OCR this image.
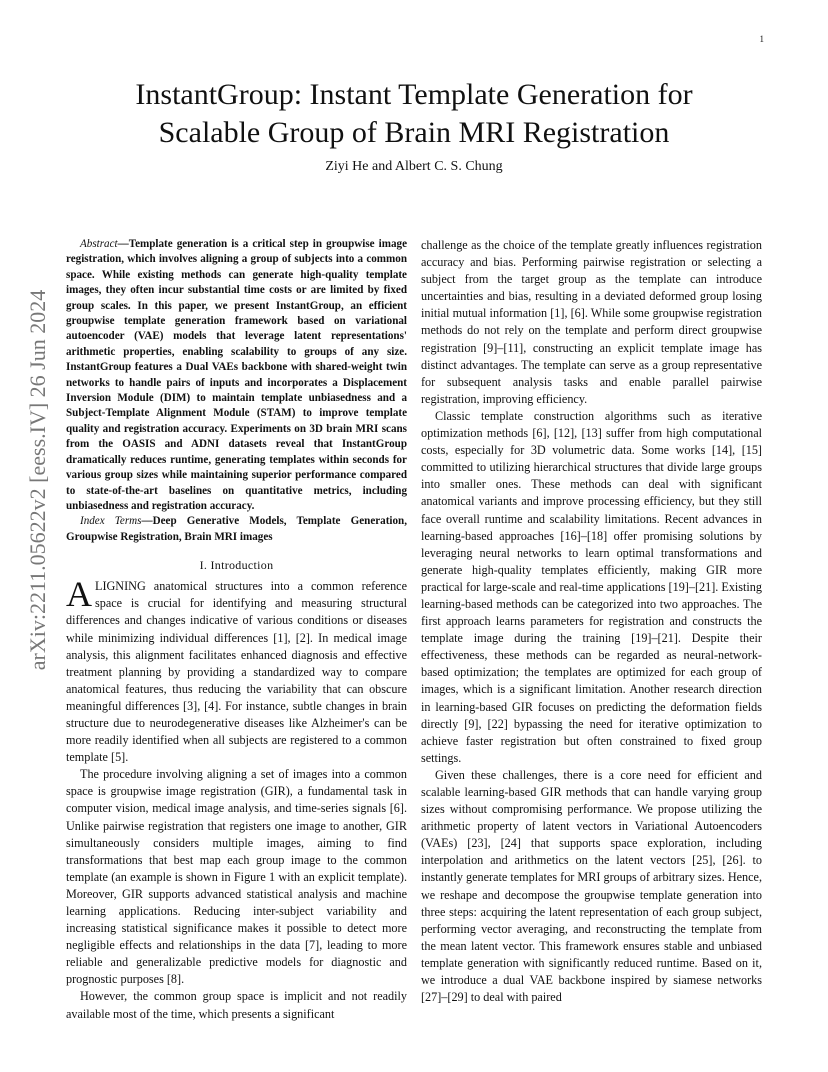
1
arXiv:2211.05622v2 [eess.IV] 26 Jun 2024
InstantGroup: Instant Template Generation for
Scalable Group of Brain MRI Registration
Ziyi He and Albert C. S. Chung

Abstract—Template generation is a critical step in groupwise image registration, which involves aligning a group of subjects into a common space. While existing methods can generate high-quality template images, they often incur substantial time costs or are limited by fixed group scales. In this paper, we present InstantGroup, an efficient groupwise template generation framework based on variational autoencoder (VAE) models that leverage latent representations' arithmetic properties, enabling scalability to groups of any size. InstantGroup features a Dual VAEs backbone with shared-weight twin networks to handle pairs of inputs and incorporates a Displacement Inversion Module (DIM) to maintain template unbiasedness and a Subject-Template Alignment Module (STAM) to improve template quality and registration accuracy. Experiments on 3D brain MRI scans from the OASIS and ADNI datasets reveal that InstantGroup dramatically reduces runtime, generating templates within seconds for various group sizes while maintaining superior performance compared to state-of-the-art baselines on quantitative metrics, including unbiasedness and registration accuracy.

Index Terms—Deep Generative Models, Template Generation, Groupwise Registration, Brain MRI images

I. Introduction

ALIGNING anatomical structures into a common reference space is crucial for identifying and measuring structural differences and changes indicative of various conditions or diseases while minimizing individual differences [1], [2]. In medical image analysis, this alignment facilitates enhanced diagnosis and effective treatment planning by providing a standardized way to compare anatomical features, thus reducing the variability that can obscure meaningful differences [3], [4]. For instance, subtle changes in brain structure due to neurodegenerative diseases like Alzheimer's can be more readily identified when all subjects are registered to a common template [5].

The procedure involving aligning a set of images into a common space is groupwise image registration (GIR), a fundamental task in computer vision, medical image analysis, and time-series signals [6]. Unlike pairwise registration that registers one image to another, GIR simultaneously considers multiple images, aiming to find transformations that best map each group image to the common template (an example is shown in Figure 1 with an explicit template). Moreover, GIR supports advanced statistical analysis and machine learning applications. Reducing inter-subject variability and increasing statistical significance makes it possible to detect more negligible effects and relationships in the data [7], leading to more reliable and generalizable predictive models for diagnostic and prognostic purposes [8].

However, the common group space is implicit and not readily available most of the time, which presents a significant

challenge as the choice of the template greatly influences registration accuracy and bias. Performing pairwise registration or selecting a subject from the target group as the template can introduce uncertainties and bias, resulting in a deviated deformed group losing initial mutual information [1], [6]. While some groupwise registration methods do not rely on the template and perform direct groupwise registration [9]–[11], constructing an explicit template image has distinct advantages. The template can serve as a group representative for subsequent analysis tasks and enable parallel pairwise registration, improving efficiency.

Classic template construction algorithms such as iterative optimization methods [6], [12], [13] suffer from high computational costs, especially for 3D volumetric data. Some works [14], [15] committed to utilizing hierarchical structures that divide large groups into smaller ones. These methods can deal with significant anatomical variants and improve processing efficiency, but they still face overall runtime and scalability limitations. Recent advances in learning-based approaches [16]–[18] offer promising solutions by leveraging neural networks to learn optimal transformations and generate high-quality templates efficiently, making GIR more practical for large-scale and real-time applications [19]–[21]. Existing learning-based methods can be categorized into two approaches. The first approach learns parameters for registration and constructs the template image during the training [19]–[21]. Despite their effectiveness, these methods can be regarded as neural-network-based optimization; the templates are optimized for each group of images, which is a significant limitation. Another research direction in learning-based GIR focuses on predicting the deformation fields directly [9], [22] bypassing the need for iterative optimization to achieve faster registration but often constrained to fixed group settings.

Given these challenges, there is a core need for efficient and scalable learning-based GIR methods that can handle varying group sizes without compromising performance. We propose utilizing the arithmetic property of latent vectors in Variational Autoencoders (VAEs) [23], [24] that supports space exploration, including interpolation and arithmetics on the latent vectors [25], [26]. to instantly generate templates for MRI groups of arbitrary sizes. Hence, we reshape and decompose the groupwise template generation into three steps: acquiring the latent representation of each group subject, performing vector averaging, and reconstructing the template from the mean latent vector. This framework ensures stable and unbiased template generation with significantly reduced runtime. Based on it, we introduce a dual VAE backbone inspired by siamese networks [27]–[29] to deal with paired
